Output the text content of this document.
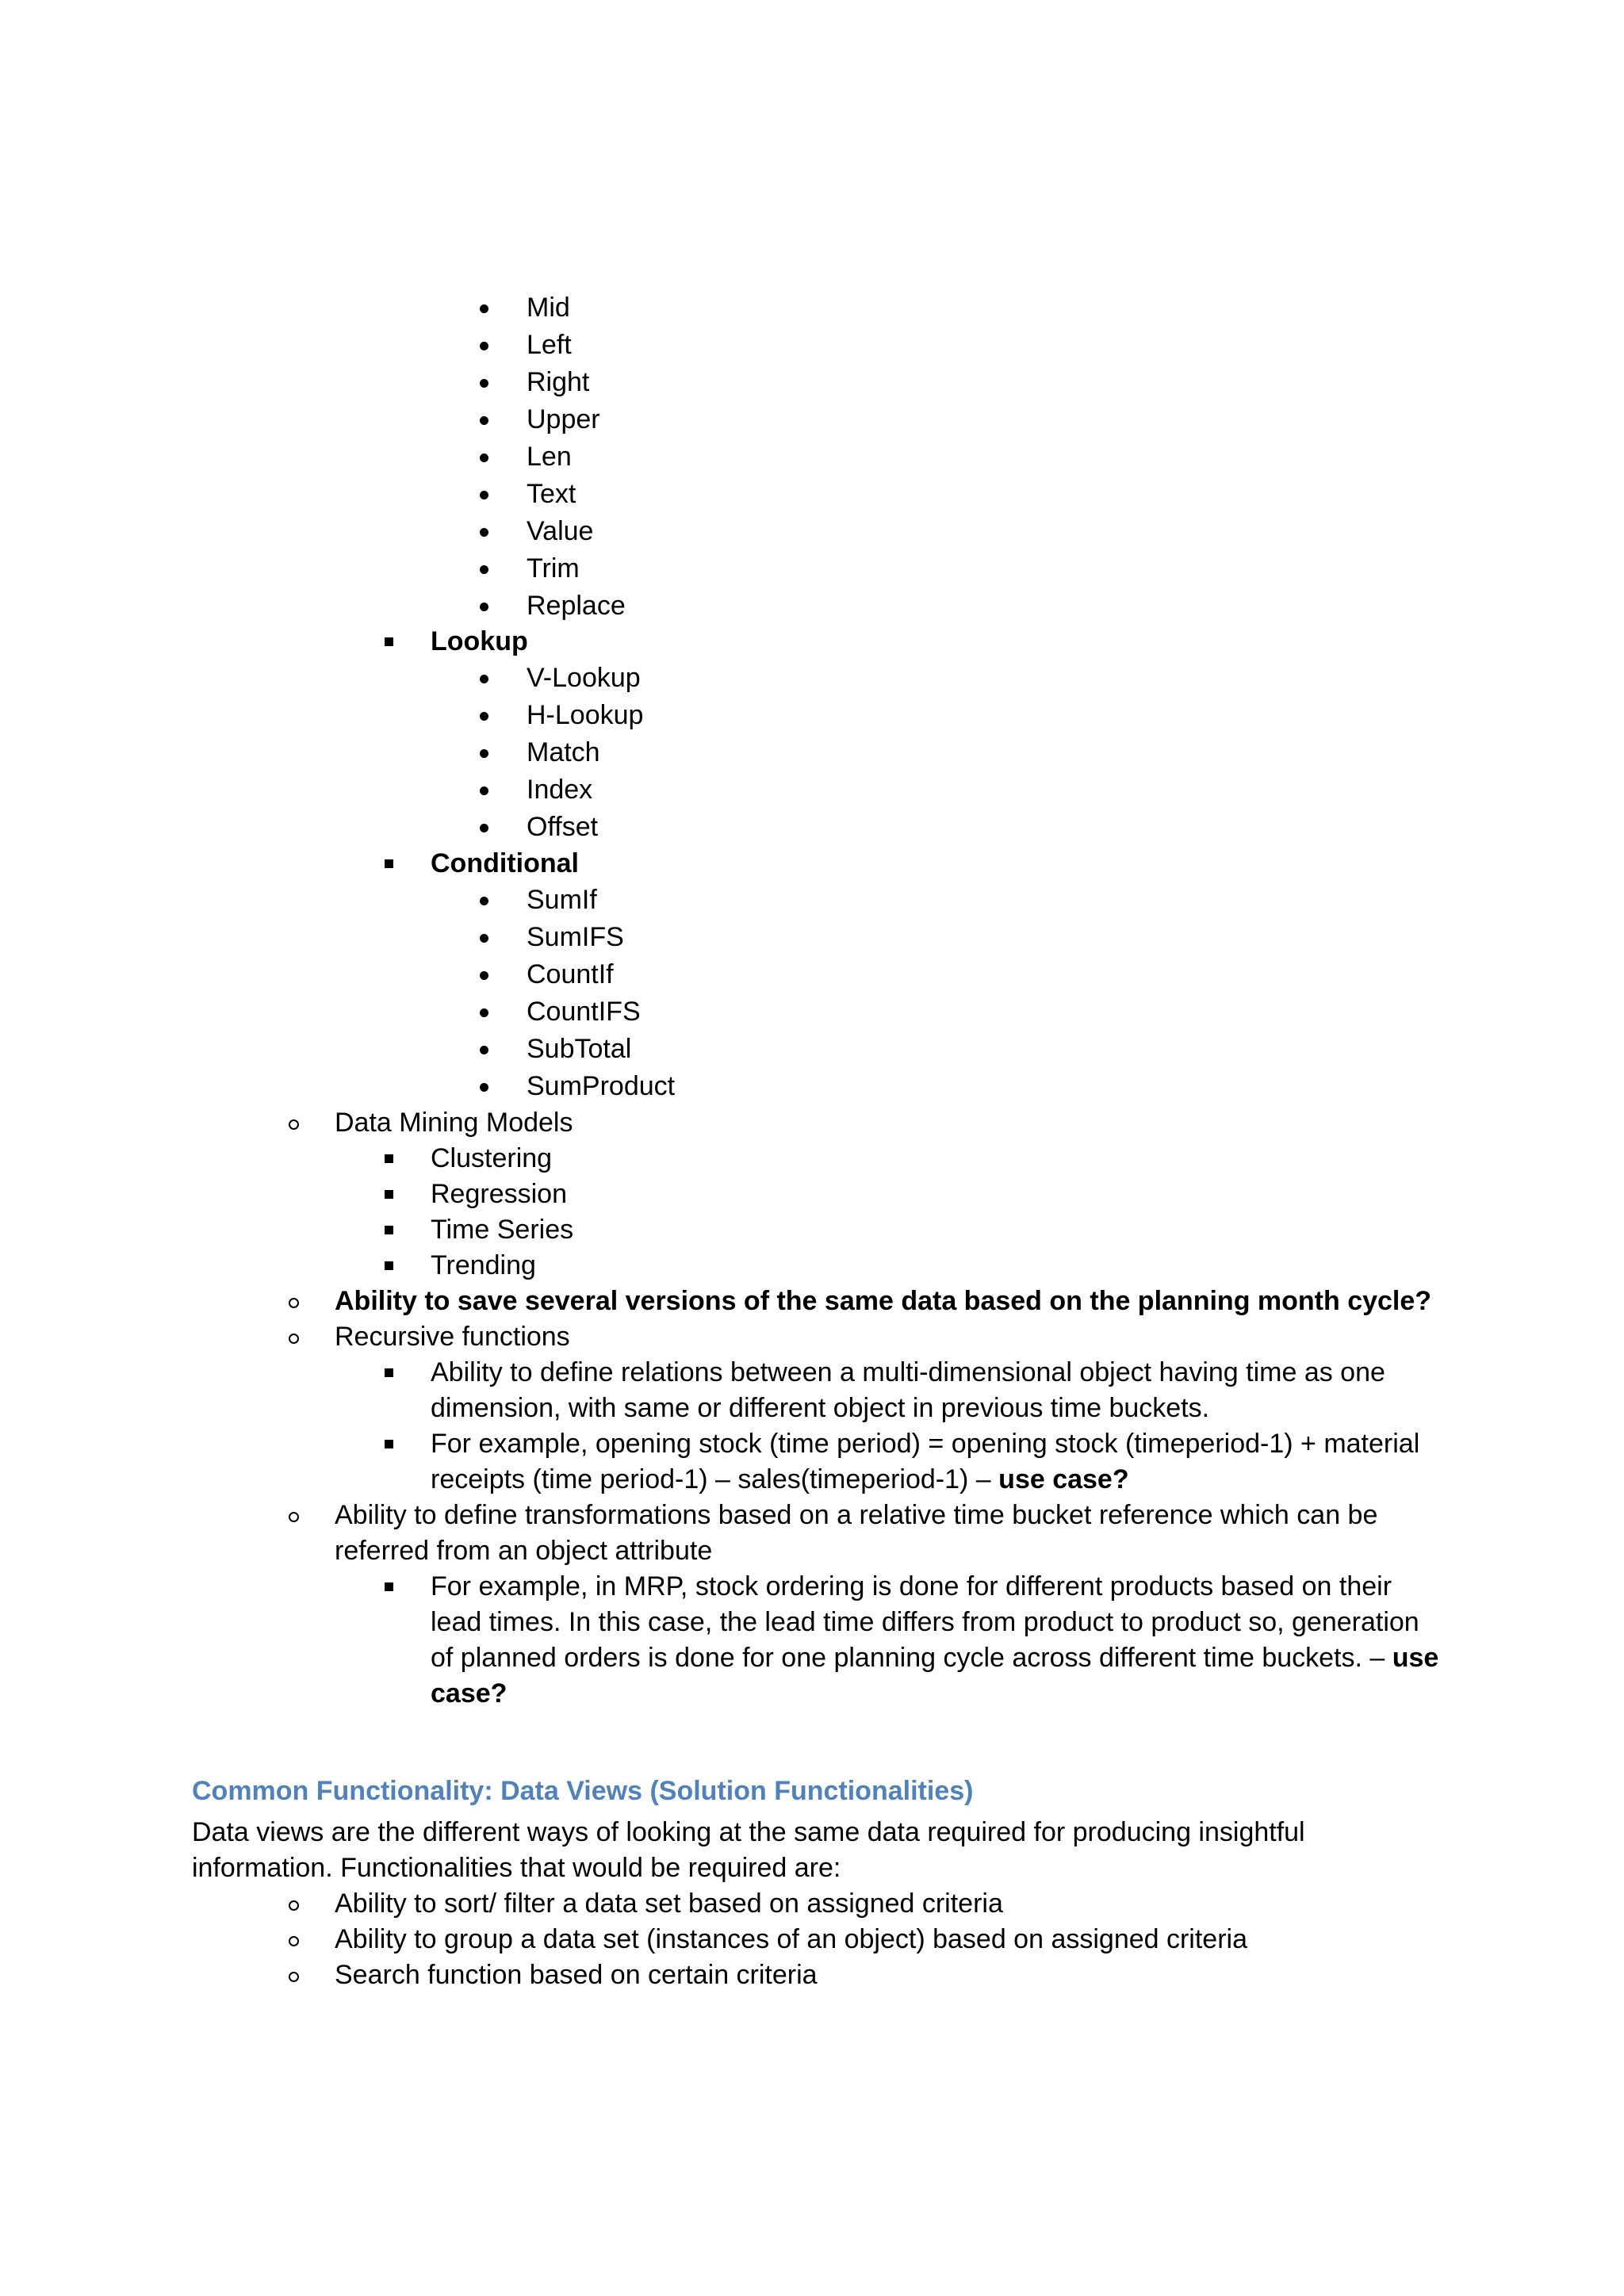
Mid
Left
Right
Upper
Len
Text
Value
Trim
Replace
Lookup
V-Lookup
H-Lookup
Match
Index
Offset
Conditional
SumIf
SumIFS
CountIf
CountIFS
SubTotal
SumProduct
Data Mining Models
Clustering
Regression
Time Series
Trending
Ability to save several versions of the same data based on the planning month cycle?
Recursive functions
Ability to define relations between a multi-dimensional object having time as one
dimension, with same or different object in previous time buckets.
For example, opening stock (time period) = opening stock (timeperiod-1) + material
receipts (time period-1) – sales(timeperiod-1) – use case?
Ability to define transformations based on a relative time bucket reference which can be
referred from an object attribute
For example, in MRP, stock ordering is done for different products based on their
lead times. In this case, the lead time differs from product to product so, generation
of planned orders is done for one planning cycle across different time buckets. – use
case?
Common Functionality: Data Views (Solution Functionalities)
Data views are the different ways of looking at the same data required for producing insightful
information. Functionalities that would be required are:
Ability to sort/ filter a data set based on assigned criteria
Ability to group a data set (instances of an object) based on assigned criteria
Search function based on certain criteria
